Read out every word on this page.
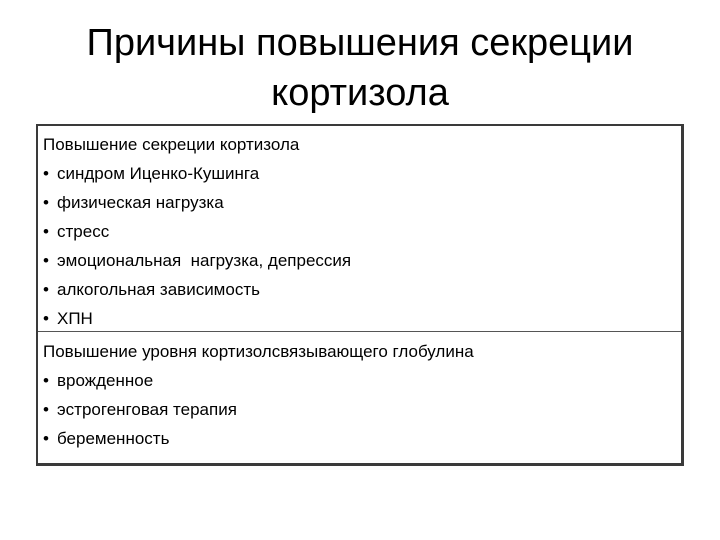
Причины повышения секреции
кортизола
Повышение секреции кортизола
• синдром Иценко-Кушинга
• физическая нагрузка
• стресс
• эмоциональная  нагрузка, депрессия
• алкогольная зависимость
• ХПН
Повышение уровня кортизолсвязывающего глобулина
• врожденное
• эстрогенговая терапия
• беременность
